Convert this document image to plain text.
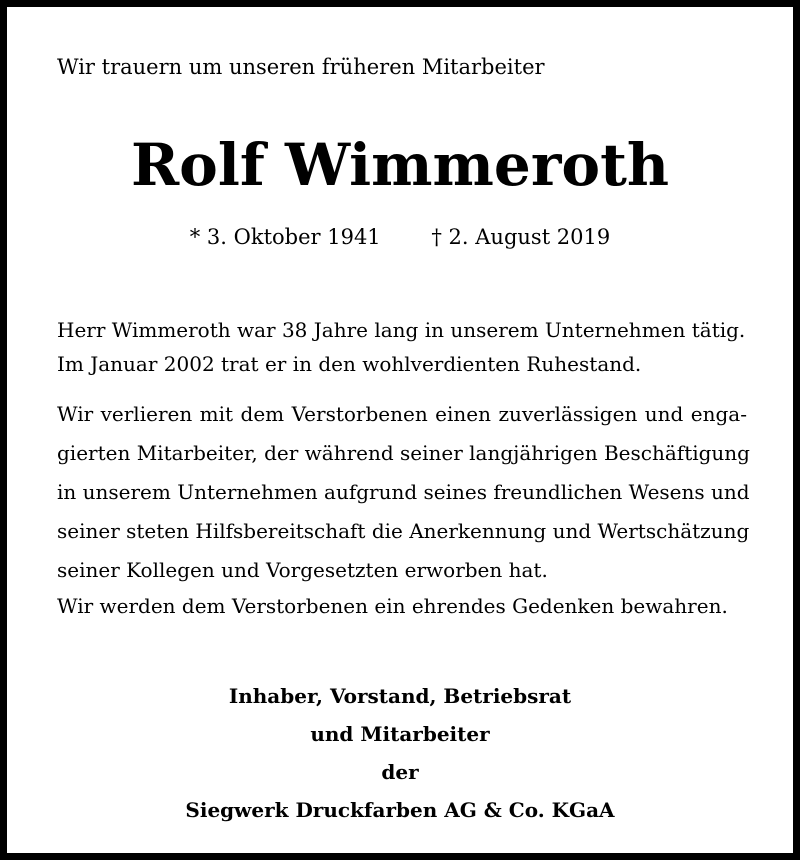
Wir trauern um unseren früheren Mitarbeiter

Rolf Wimmeroth
* 3. Oktober 1941 † 2. August 2019
Herr Wimmeroth war 38 Jahre lang in unserem Unternehmen tätig.
Im Januar 2002 trat er in den wohlverdienten Ruhestand.
Wir verlieren mit dem Verstorbenen einen zuverlässigen und enga-
gierten Mitarbeiter, der während seiner langjährigen Beschäftigung
in unserem Unternehmen aufgrund seines freundlichen Wesens und
seiner steten Hilfsbereitschaft die Anerkennung und Wertschätzung
seiner Kollegen und Vorgesetzten erworben hat.

Wir werden dem Verstorbenen ein ehrendes Gedenken bewahren.

Inhaber, Vorstand, Betriebsrat
und Mitarbeiter
der
Siegwerk Druckfarben AG & Co. KGaA
